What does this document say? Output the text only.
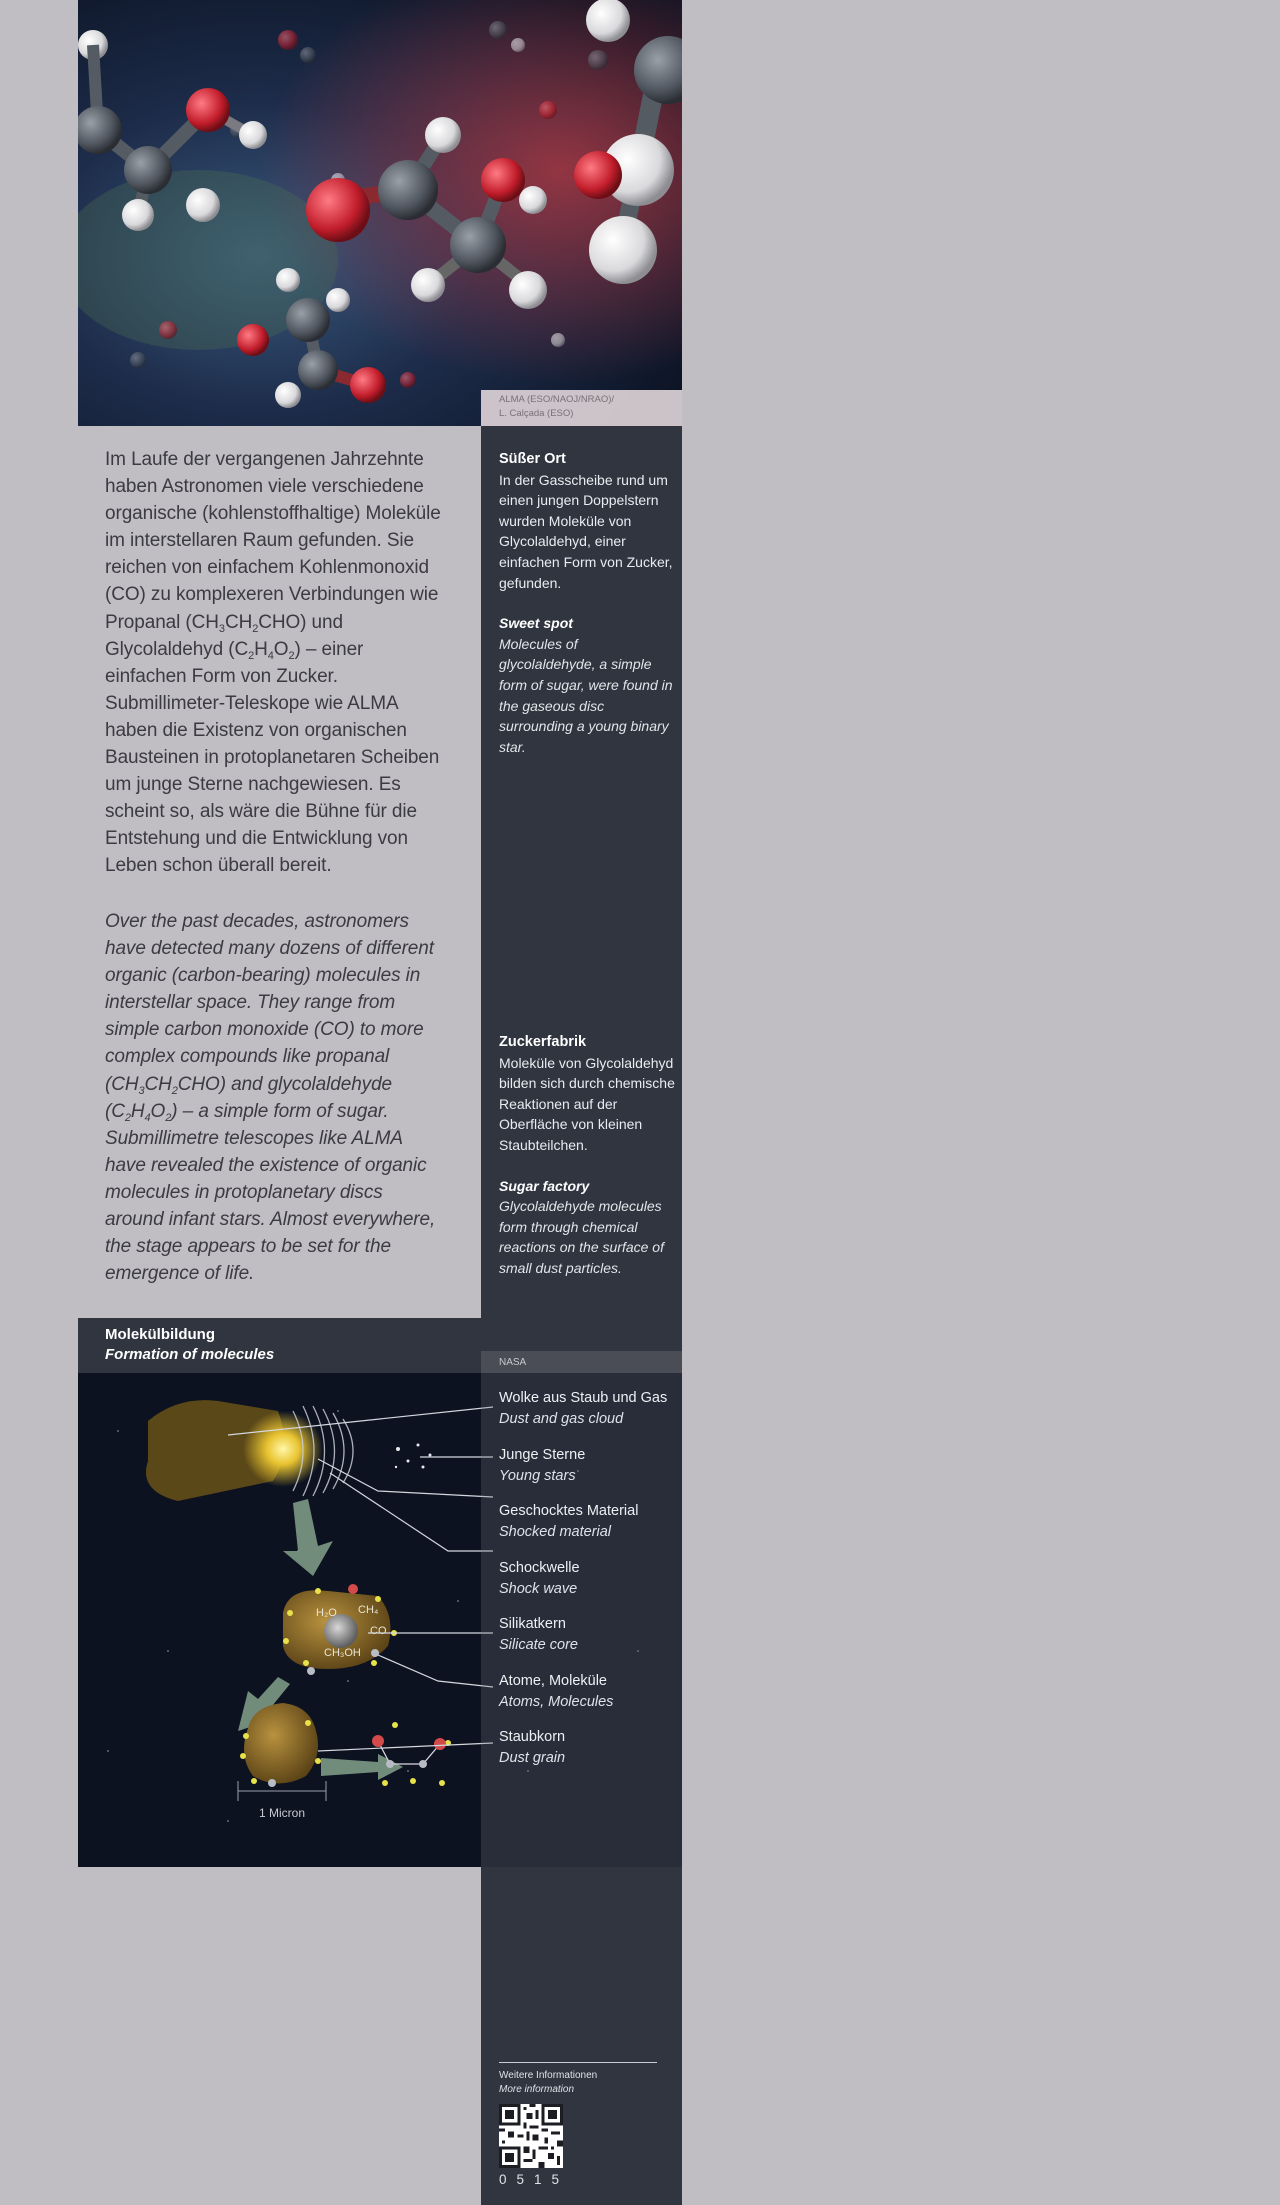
ALMA (ESO/NAOJ/NRAO)/
L. Calçada (ESO)
Im Laufe der vergangenen Jahrzehnte haben Astronomen viele verschiedene organische (kohlenstoffhaltige) Moleküle im interstellaren Raum gefunden. Sie reichen von einfachem Kohlenmonoxid (CO) zu komplexeren Verbindungen wie Propanal $(CH_3CH_2CHO)$ und Glycolaldehyd $(C_2H_4O_2)$ – einer einfachen Form von Zucker. Submillimeter-Teleskope wie ALMA haben die Existenz von organischen Bausteinen in protoplanetaren Scheiben um junge Sterne nachgewiesen. Es scheint so, als wäre die Bühne für die Entstehung und die Entwicklung von Leben schon überall bereit.
Over the past decades, astronomers have detected many dozens of different organic (carbon-bearing) molecules in interstellar space. They range from simple carbon monoxide (CO) to more complex compounds like propanal $(CH_3CH_2CHO)$ and glycolaldehyde $(C_2H_4O_2)$ – a simple form of sugar. Submillimetre telescopes like ALMA have revealed the existence of organic molecules in protoplanetary discs around infant stars. Almost everywhere, the stage appears to be set for the emergence of life.
Süßer Ort
In der Gasscheibe rund um einen jungen Doppelstern wurden Moleküle von Glycolaldehyd, einer einfachen Form von Zucker, gefunden.
Sweet spot
Molecules of glycolaldehyde, a simple form of sugar, were found in the gaseous disc surrounding a young binary star.
Zuckerfabrik
Moleküle von Glycolaldehyd bilden sich durch chemische Reaktionen auf der Oberfläche von kleinen Staubteilchen.
Sugar factory
Glycolaldehyde molecules form through chemical reactions on the surface of small dust particles.
H₂O CH₄
CO
CH₃OH
1 Micron
NASA
Molekülbildung
Formation of molecules
Wolke aus Staub und Gas
Dust and gas cloud
Junge Sterne
Young stars
Geschocktes Material
Shocked material
Schockwelle
Shock wave
Silikatkern
Silicate core
Atome, Moleküle
Atoms, Molecules
Staubkorn
Dust grain
Weitere Informationen
More information
0515
